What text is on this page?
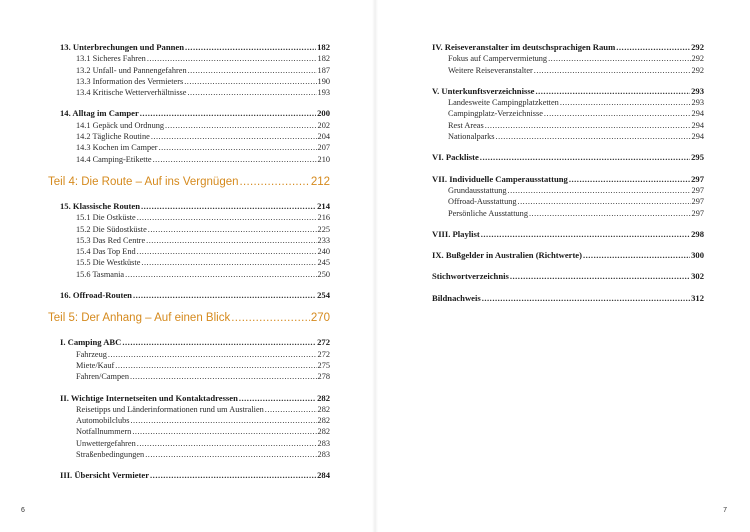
13. Unterbrechungen und Pannen .....	182
13.1 Sicheres Fahren .....	182
13.2 Unfall- und Pannengefahren .....	187
13.3 Information des Vermieters .....	190
13.4 Kritische Wetterverhältnisse .....	193
14. Alltag im Camper .....	200
14.1 Gepäck und Ordnung .....	202
14.2 Tägliche Routine .....	204
14.3 Kochen im Camper .....	207
14.4 Camping-Etikette .....	210
Teil 4: Die Route – Auf ins Vergnügen .....	212
15. Klassische Routen .....	214
15.1 Die Ostküste .....	216
15.2 Die Südostküste .....	225
15.3 Das Red Centre .....	233
15.4 Das Top End .....	240
15.5 Die Westküste .....	245
15.6 Tasmania .....	250
16. Offroad-Routen .....	254
Teil 5: Der Anhang – Auf einen Blick .....	270
I. Camping ABC .....	272
Fahrzeug .....	272
Miete/Kauf .....	275
Fahren/Campen .....	278
II. Wichtige Internetseiten und Kontaktadressen .....	282
Reisetipps und Länderinformationen rund um Australien .....	282
Automobilclubs .....	282
Notfallnummern .....	282
Unwettergefahren .....	283
Straßenbedingungen .....	283
III. Übersicht Vermieter .....	284
6
IV. Reiseveranstalter im deutschsprachigen Raum .....	292
Fokus auf Campervermietung .....	292
Weitere Reiseveranstalter .....	292
V. Unterkunftsverzeichnisse .....	293
Landesweite Campingplatzketten .....	293
Campingplatz-Verzeichnisse .....	294
Rest Areas .....	294
Nationalparks .....	294
VI. Packliste .....	295
VII. Individuelle Camperausstattung .....	297
Grundausstattung .....	297
Offroad-Ausstattung .....	297
Persönliche Ausstattung .....	297
VIII. Playlist .....	298
IX. Bußgelder in Australien (Richtwerte) .....	300
Stichwortverzeichnis .....	302
Bildnachweis .....	312
7
